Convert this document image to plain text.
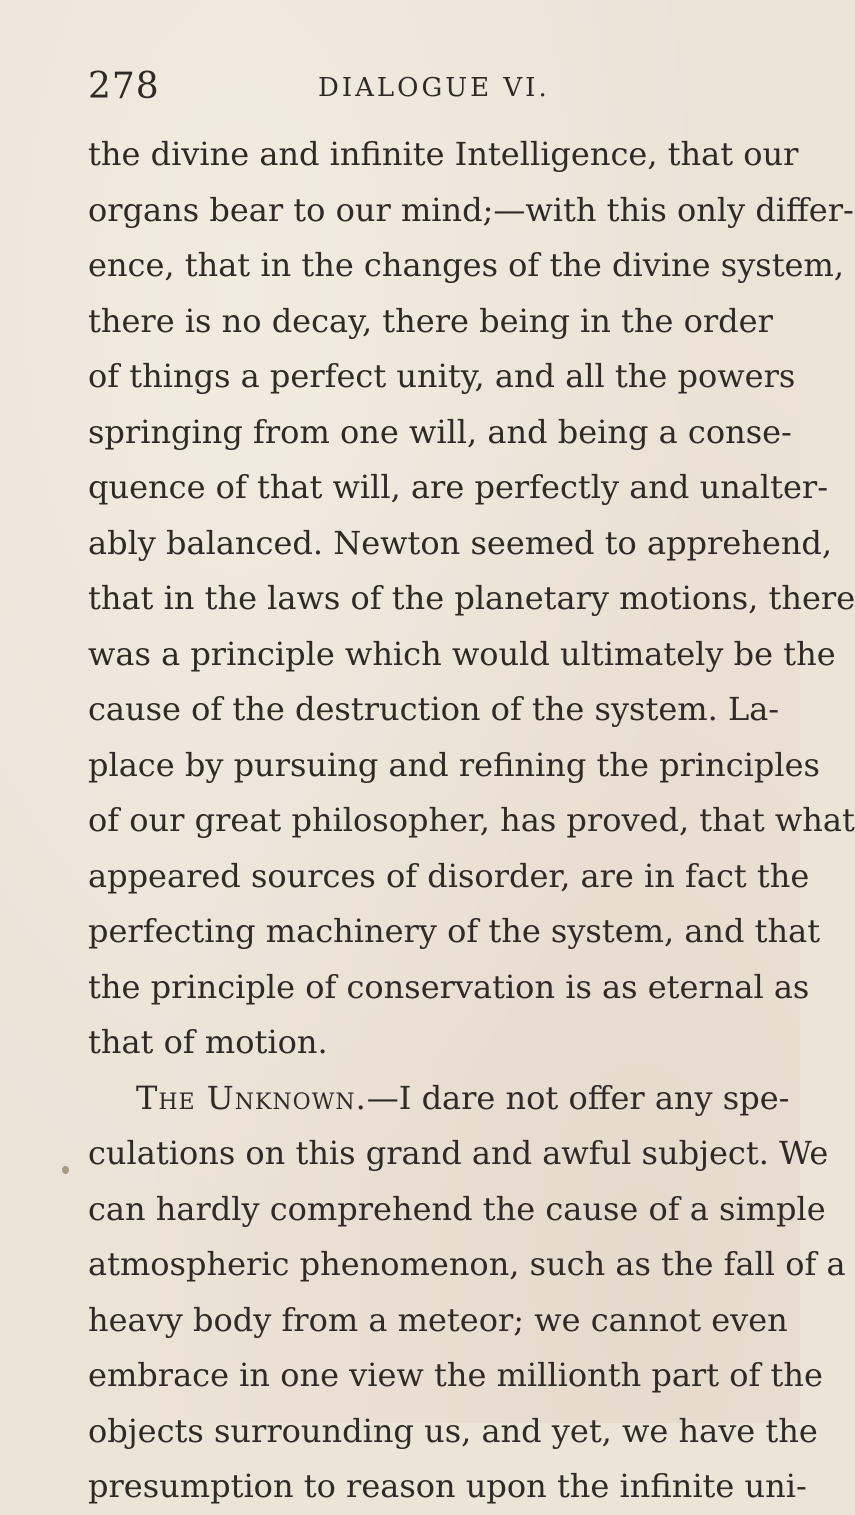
278	DIALOGUE VI.
the divine and infinite Intelligence, that our
organs bear to our mind;—with this only differ-
ence, that in the changes of the divine system,
there is no decay, there being in the order
of things a perfect unity, and all the powers
springing from one will, and being a conse-
quence of that will, are perfectly and unalter-
ably balanced. Newton seemed to apprehend,
that in the laws of the planetary motions, there
was a principle which would ultimately be the
cause of the destruction of the system. La-
place by pursuing and refining the principles
of our great philosopher, has proved, that what
appeared sources of disorder, are in fact the
perfecting machinery of the system, and that
the principle of conservation is as eternal as
that of motion.
The Unknown.—I dare not offer any spe-
culations on this grand and awful subject. We
can hardly comprehend the cause of a simple
atmospheric phenomenon, such as the fall of a
heavy body from a meteor; we cannot even
embrace in one view the millionth part of the
objects surrounding us, and yet, we have the
presumption to reason upon the infinite uni-
